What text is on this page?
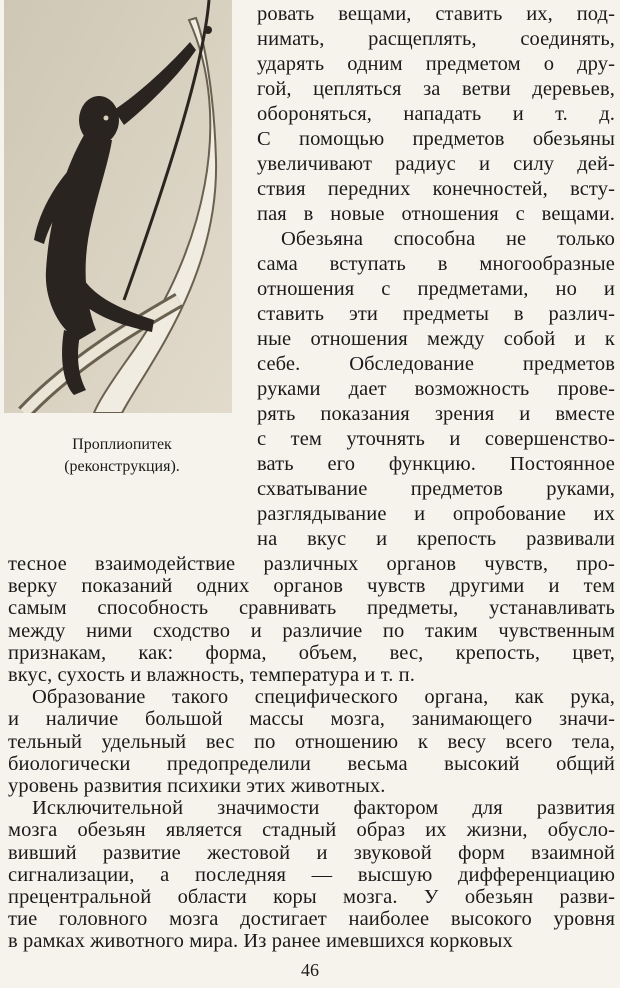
Проплиопитек
(реконструкция).
ровать вещами, ставить их, под-
нимать, расщеплять, соединять,
ударять одним предметом о дру-
гой, цепляться за ветви деревьев,
обороняться, нападать и т. д.
С помощью предметов обезьяны
увеличивают радиус и силу дей-
ствия передних конечностей, всту-
пая в новые отношения с вещами.
Обезьяна способна не только
сама вступать в многообразные
отношения с предметами, но и
ставить эти предметы в различ-
ные отношения между собой и к
себе. Обследование предметов
руками дает возможность прове-
рять показания зрения и вместе
с тем уточнять и совершенство-
вать его функцию. Постоянное
схватывание предметов руками,
разглядывание и опробование их
на вкус и крепость развивали
тесное взаимодействие различных органов чувств, про-
верку показаний одних органов чувств другими и тем
самым способность сравнивать предметы, устанавливать
между ними сходство и различие по таким чувственным
признакам, как: форма, объем, вес, крепость, цвет,
вкус, сухость и влажность, температура и т. п.
Образование такого специфического органа, как рука,
и наличие большой массы мозга, занимающего значи-
тельный удельный вес по отношению к весу всего тела,
биологически предопределили весьма высокий общий
уровень развития психики этих животных.
Исключительной значимости фактором для развития
мозга обезьян является стадный образ их жизни, обусло-
вивший развитие жестовой и звуковой форм взаимной
сигнализации, а последняя — высшую дифференциацию
прецентральной области коры мозга. У обезьян разви-
46
тие головного мозга достигает наиболее высокого уровня
в рамках животного мира. Из ранее имевшихся корковых
